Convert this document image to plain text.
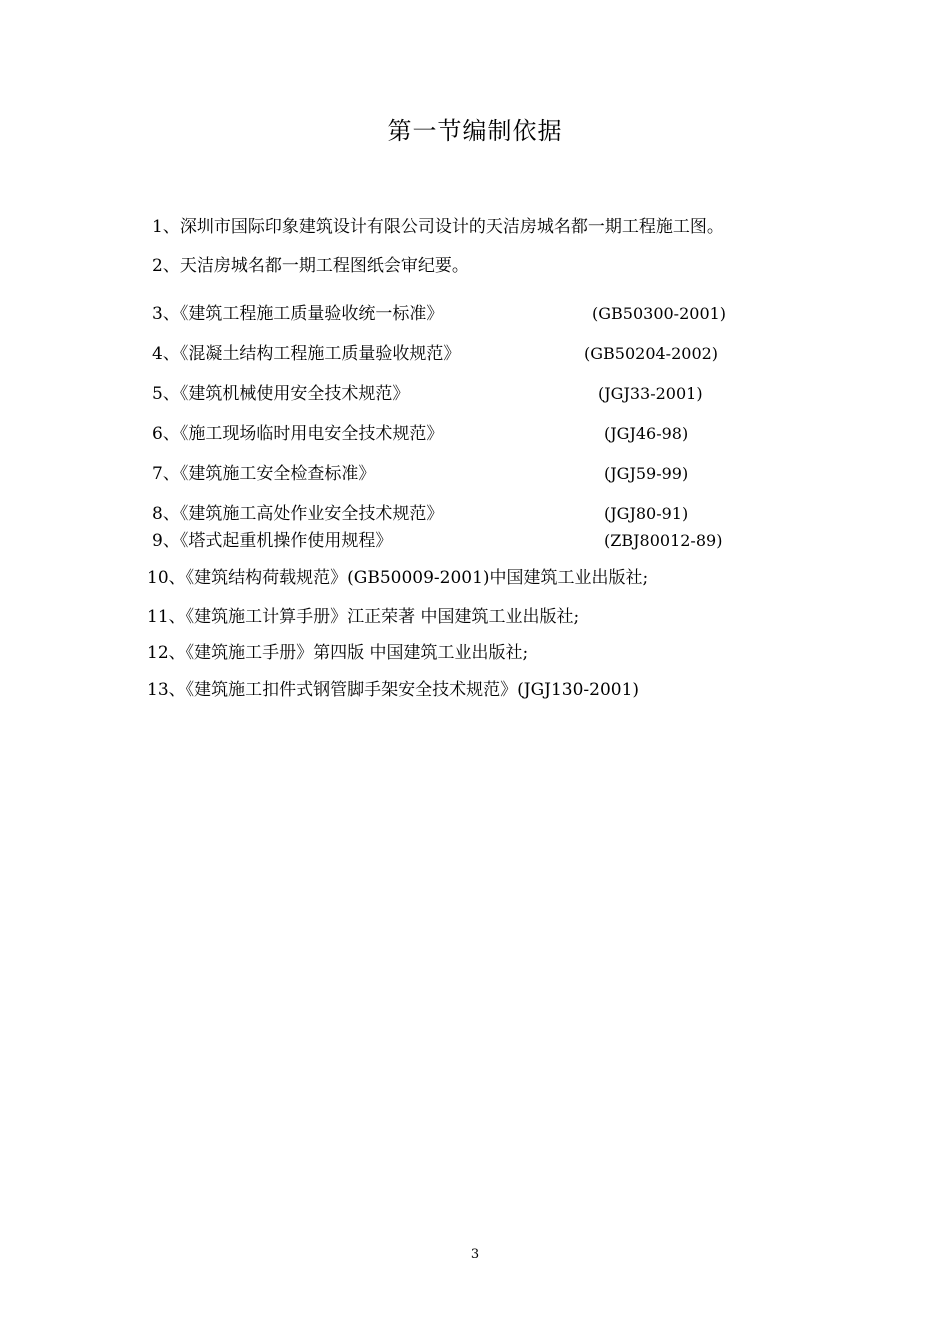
第一节编制依据
1、深圳市国际印象建筑设计有限公司设计的天洁房城名都一期工程施工图。
2、天洁房城名都一期工程图纸会审纪要。
3、《建筑工程施工质量验收统一标准》	(GB50300-2001)
4、《混凝土结构工程施工质量验收规范》	(GB50204-2002)
5、《建筑机械使用安全技术规范》	(JGJ33-2001)
6、《施工现场临时用电安全技术规范》	(JGJ46-98)
7、《建筑施工安全检查标准》	(JGJ59-99)
8、《建筑施工高处作业安全技术规范》	(JGJ80-91)
9、《塔式起重机操作使用规程》	(ZBJ80012-89)
10、《建筑结构荷载规范》(GB50009-2001)中国建筑工业出版社;
11、《建筑施工计算手册》江正荣著 中国建筑工业出版社;
12、《建筑施工手册》第四版 中国建筑工业出版社;
13、《建筑施工扣件式钢管脚手架安全技术规范》(JGJ130-2001)
3
